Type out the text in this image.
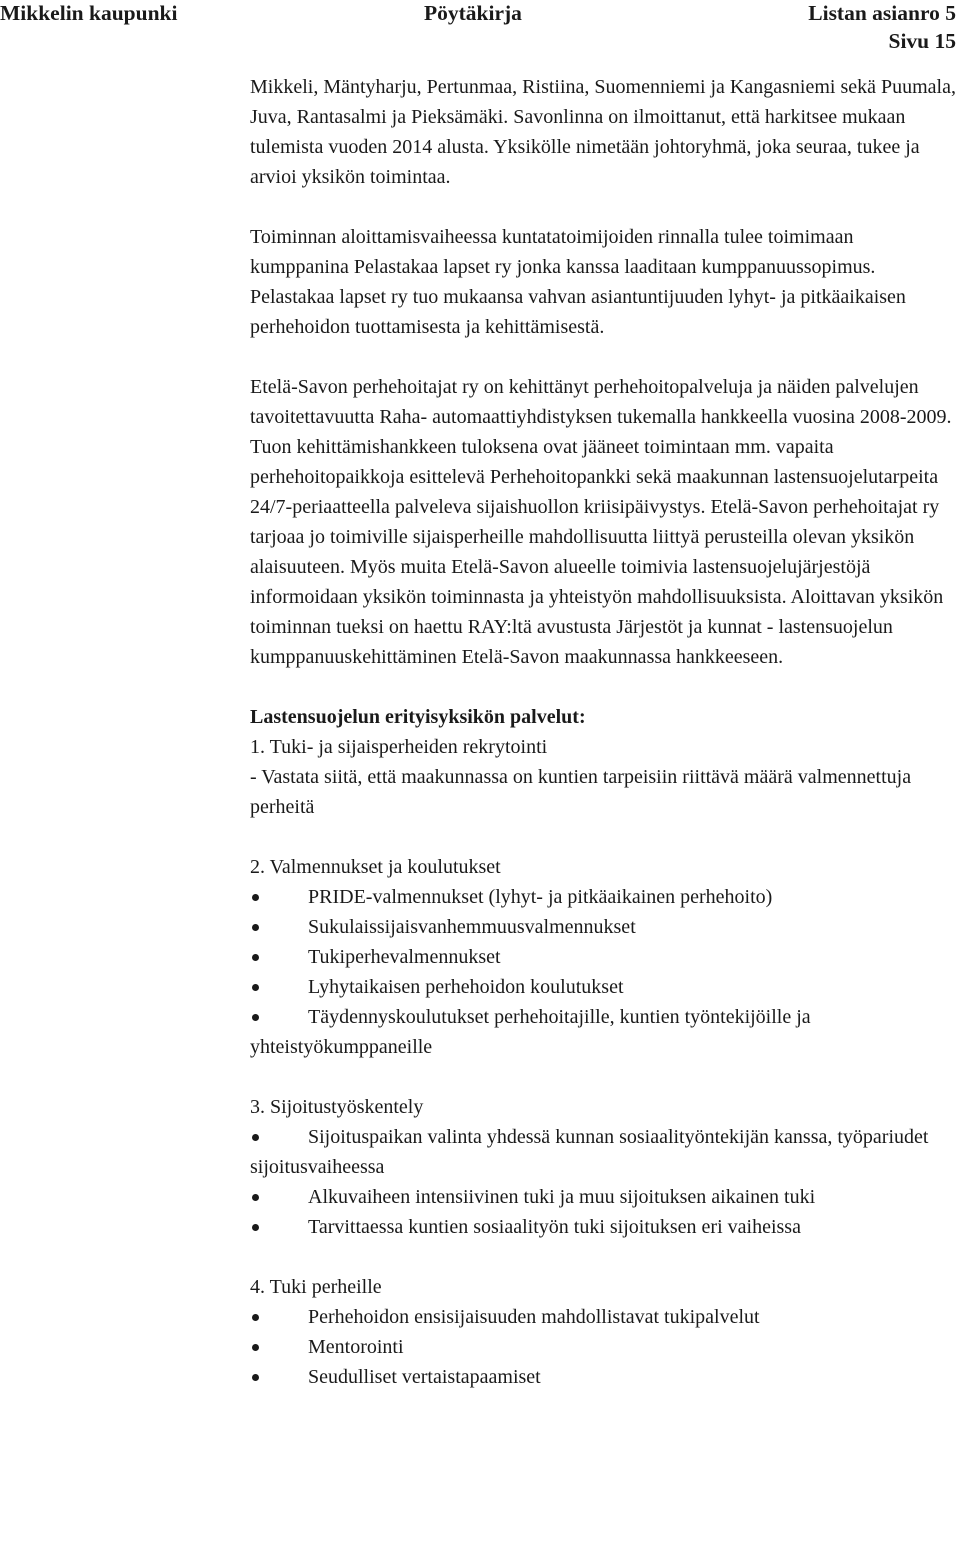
Mikkelin kaupunki	Pöytäkirja	Listan asianro 5
Sivu 15

Mikkeli, Mäntyharju, Pertunmaa, Ristiina, Suomenniemi ja Kangasniemi sekä Puumala, Juva, Rantasalmi ja Pieksämäki. Savonlinna on ilmoittanut, että harkitsee mukaan tulemista vuoden 2014 alusta. Yksikölle nimetään johtoryhmä, joka seuraa, tukee ja arvioi yksikön toimintaa.

Toiminnan aloittamisvaiheessa kuntatatoimijoiden rinnalla tulee toimimaan kumppanina Pelastakaa lapset ry jonka kanssa laaditaan kumppanuussopimus. Pelastakaa lapset ry tuo mukaansa vahvan asiantuntijuuden lyhyt- ja pitkäaikaisen perhehoidon tuottamisesta ja kehittämisestä.

Etelä-Savon perhehoitajat ry on kehittänyt perhehoitopalveluja ja näiden palvelujen tavoitettavuutta Raha- automaattiyhdistyksen tukemalla hankkeella vuosina 2008-2009. Tuon kehittämishankkeen tuloksena ovat jääneet toimintaan mm. vapaita perhehoitopaikkoja esittelevä Perhehoitopankki sekä maakunnan lastensuojelutarpeita 24/7-periaatteella palveleva sijaishuollon kriisipäivystys. Etelä-Savon perhehoitajat ry tarjoaa jo toimiville sijaisperheille mahdollisuutta liittyä perusteilla olevan yksikön alaisuuteen. Myös muita Etelä-Savon alueelle toimivia lastensuojelujärjestöjä informoidaan yksikön toiminnasta ja yhteistyön mahdollisuuksista. Aloittavan yksikön toiminnan tueksi on haettu RAY:ltä avustusta Järjestöt ja kunnat - lastensuojelun kumppanuuskehittäminen Etelä-Savon maakunnassa hankkeeseen.

Lastensuojelun erityisyksikön palvelut:

1. Tuki- ja sijaisperheiden rekrytointi

- Vastata siitä, että maakunnassa on kuntien tarpeisiin riittävä määrä valmennettuja perheitä

2. Valmennukset ja koulutukset

PRIDE-valmennukset (lyhyt- ja pitkäaikainen perhehoito)
Sukulaissijaisvanhemmuusvalmennukset
Tukiperhevalmennukset
Lyhytaikaisen perhehoidon koulutukset
Täydennyskoulutukset perhehoitajille, kuntien työntekijöille ja yhteistyökumppaneille

3. Sijoitustyöskentely

Sijoituspaikan valinta yhdessä kunnan sosiaalityöntekijän kanssa, työpariudet sijoitusvaiheessa
Alkuvaiheen intensiivinen tuki ja muu sijoituksen aikainen tuki
Tarvittaessa kuntien sosiaalityön tuki sijoituksen eri vaiheissa

4. Tuki perheille

Perhehoidon ensisijaisuuden mahdollistavat tukipalvelut
Mentorointi
Seudulliset vertaistapaamiset
